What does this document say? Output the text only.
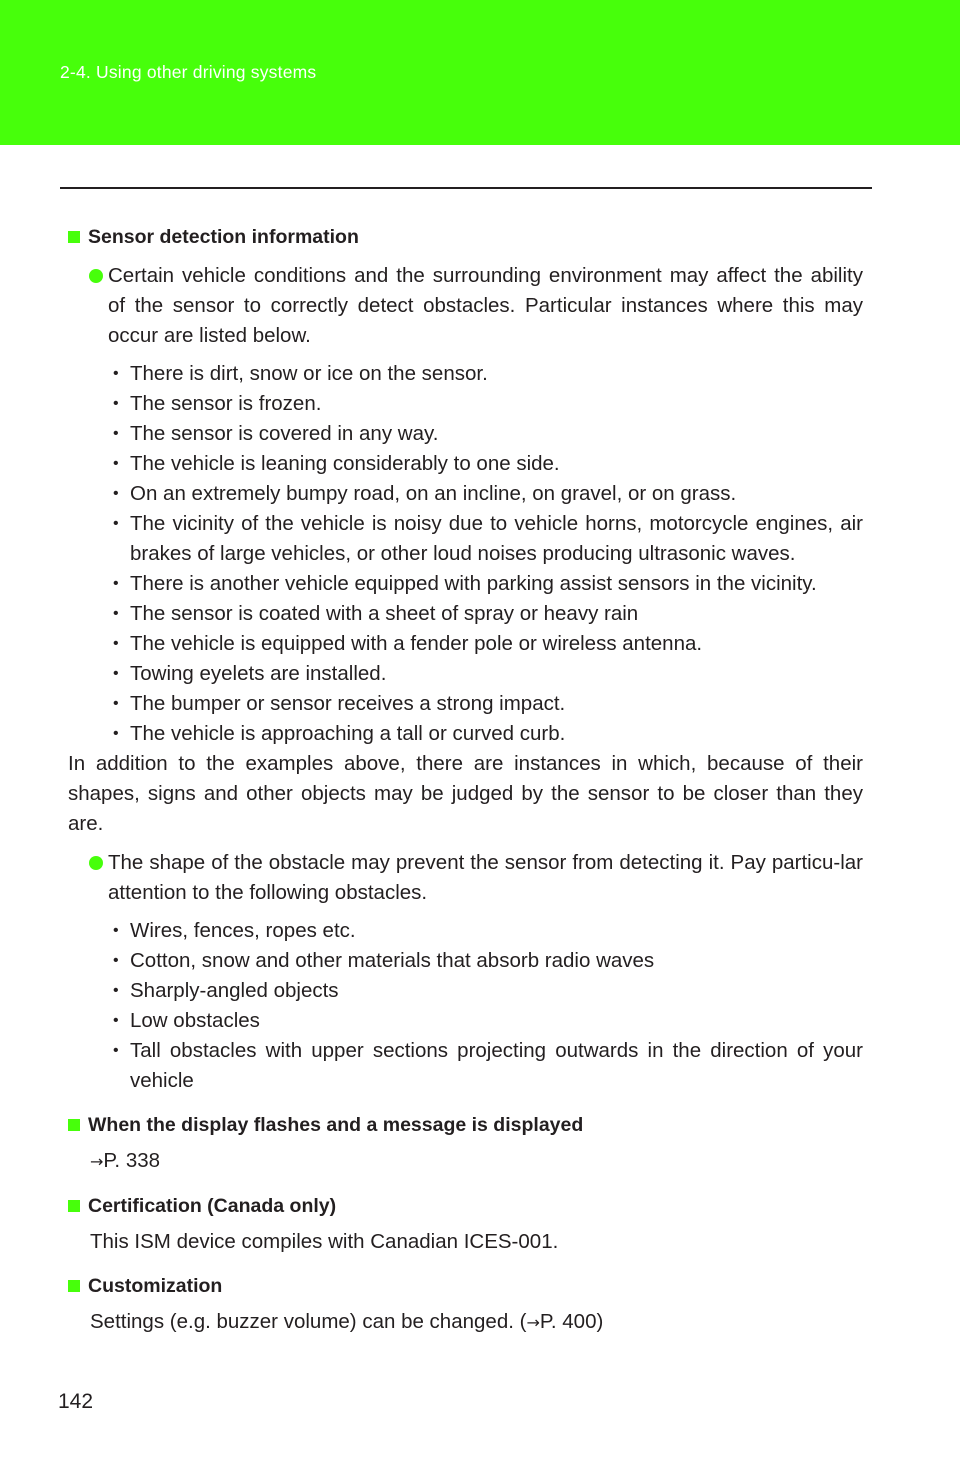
2-4. Using other driving systems
Sensor detection information
Certain vehicle conditions and the surrounding environment may affect the ability of the sensor to correctly detect obstacles. Particular instances where this may occur are listed below.
• There is dirt, snow or ice on the sensor.
• The sensor is frozen.
• The sensor is covered in any way.
• The vehicle is leaning considerably to one side.
• On an extremely bumpy road, on an incline, on gravel, or on grass.
• The vicinity of the vehicle is noisy due to vehicle horns, motorcycle engines, air brakes of large vehicles, or other loud noises producing ultrasonic waves.
• There is another vehicle equipped with parking assist sensors in the vicinity.
• The sensor is coated with a sheet of spray or heavy rain
• The vehicle is equipped with a fender pole or wireless antenna.
• Towing eyelets are installed.
• The bumper or sensor receives a strong impact.
• The vehicle is approaching a tall or curved curb.
In addition to the examples above, there are instances in which, because of their shapes, signs and other objects may be judged by the sensor to be closer than they are.
The shape of the obstacle may prevent the sensor from detecting it. Pay particu-lar attention to the following obstacles.
• Wires, fences, ropes etc.
• Cotton, snow and other materials that absorb radio waves
• Sharply-angled objects
• Low obstacles
• Tall obstacles with upper sections projecting outwards in the direction of your vehicle
When the display flashes and a message is displayed
→P. 338
Certification (Canada only)
This ISM device compiles with Canadian ICES-001.
Customization
Settings (e.g. buzzer volume) can be changed. (→P. 400)
142
